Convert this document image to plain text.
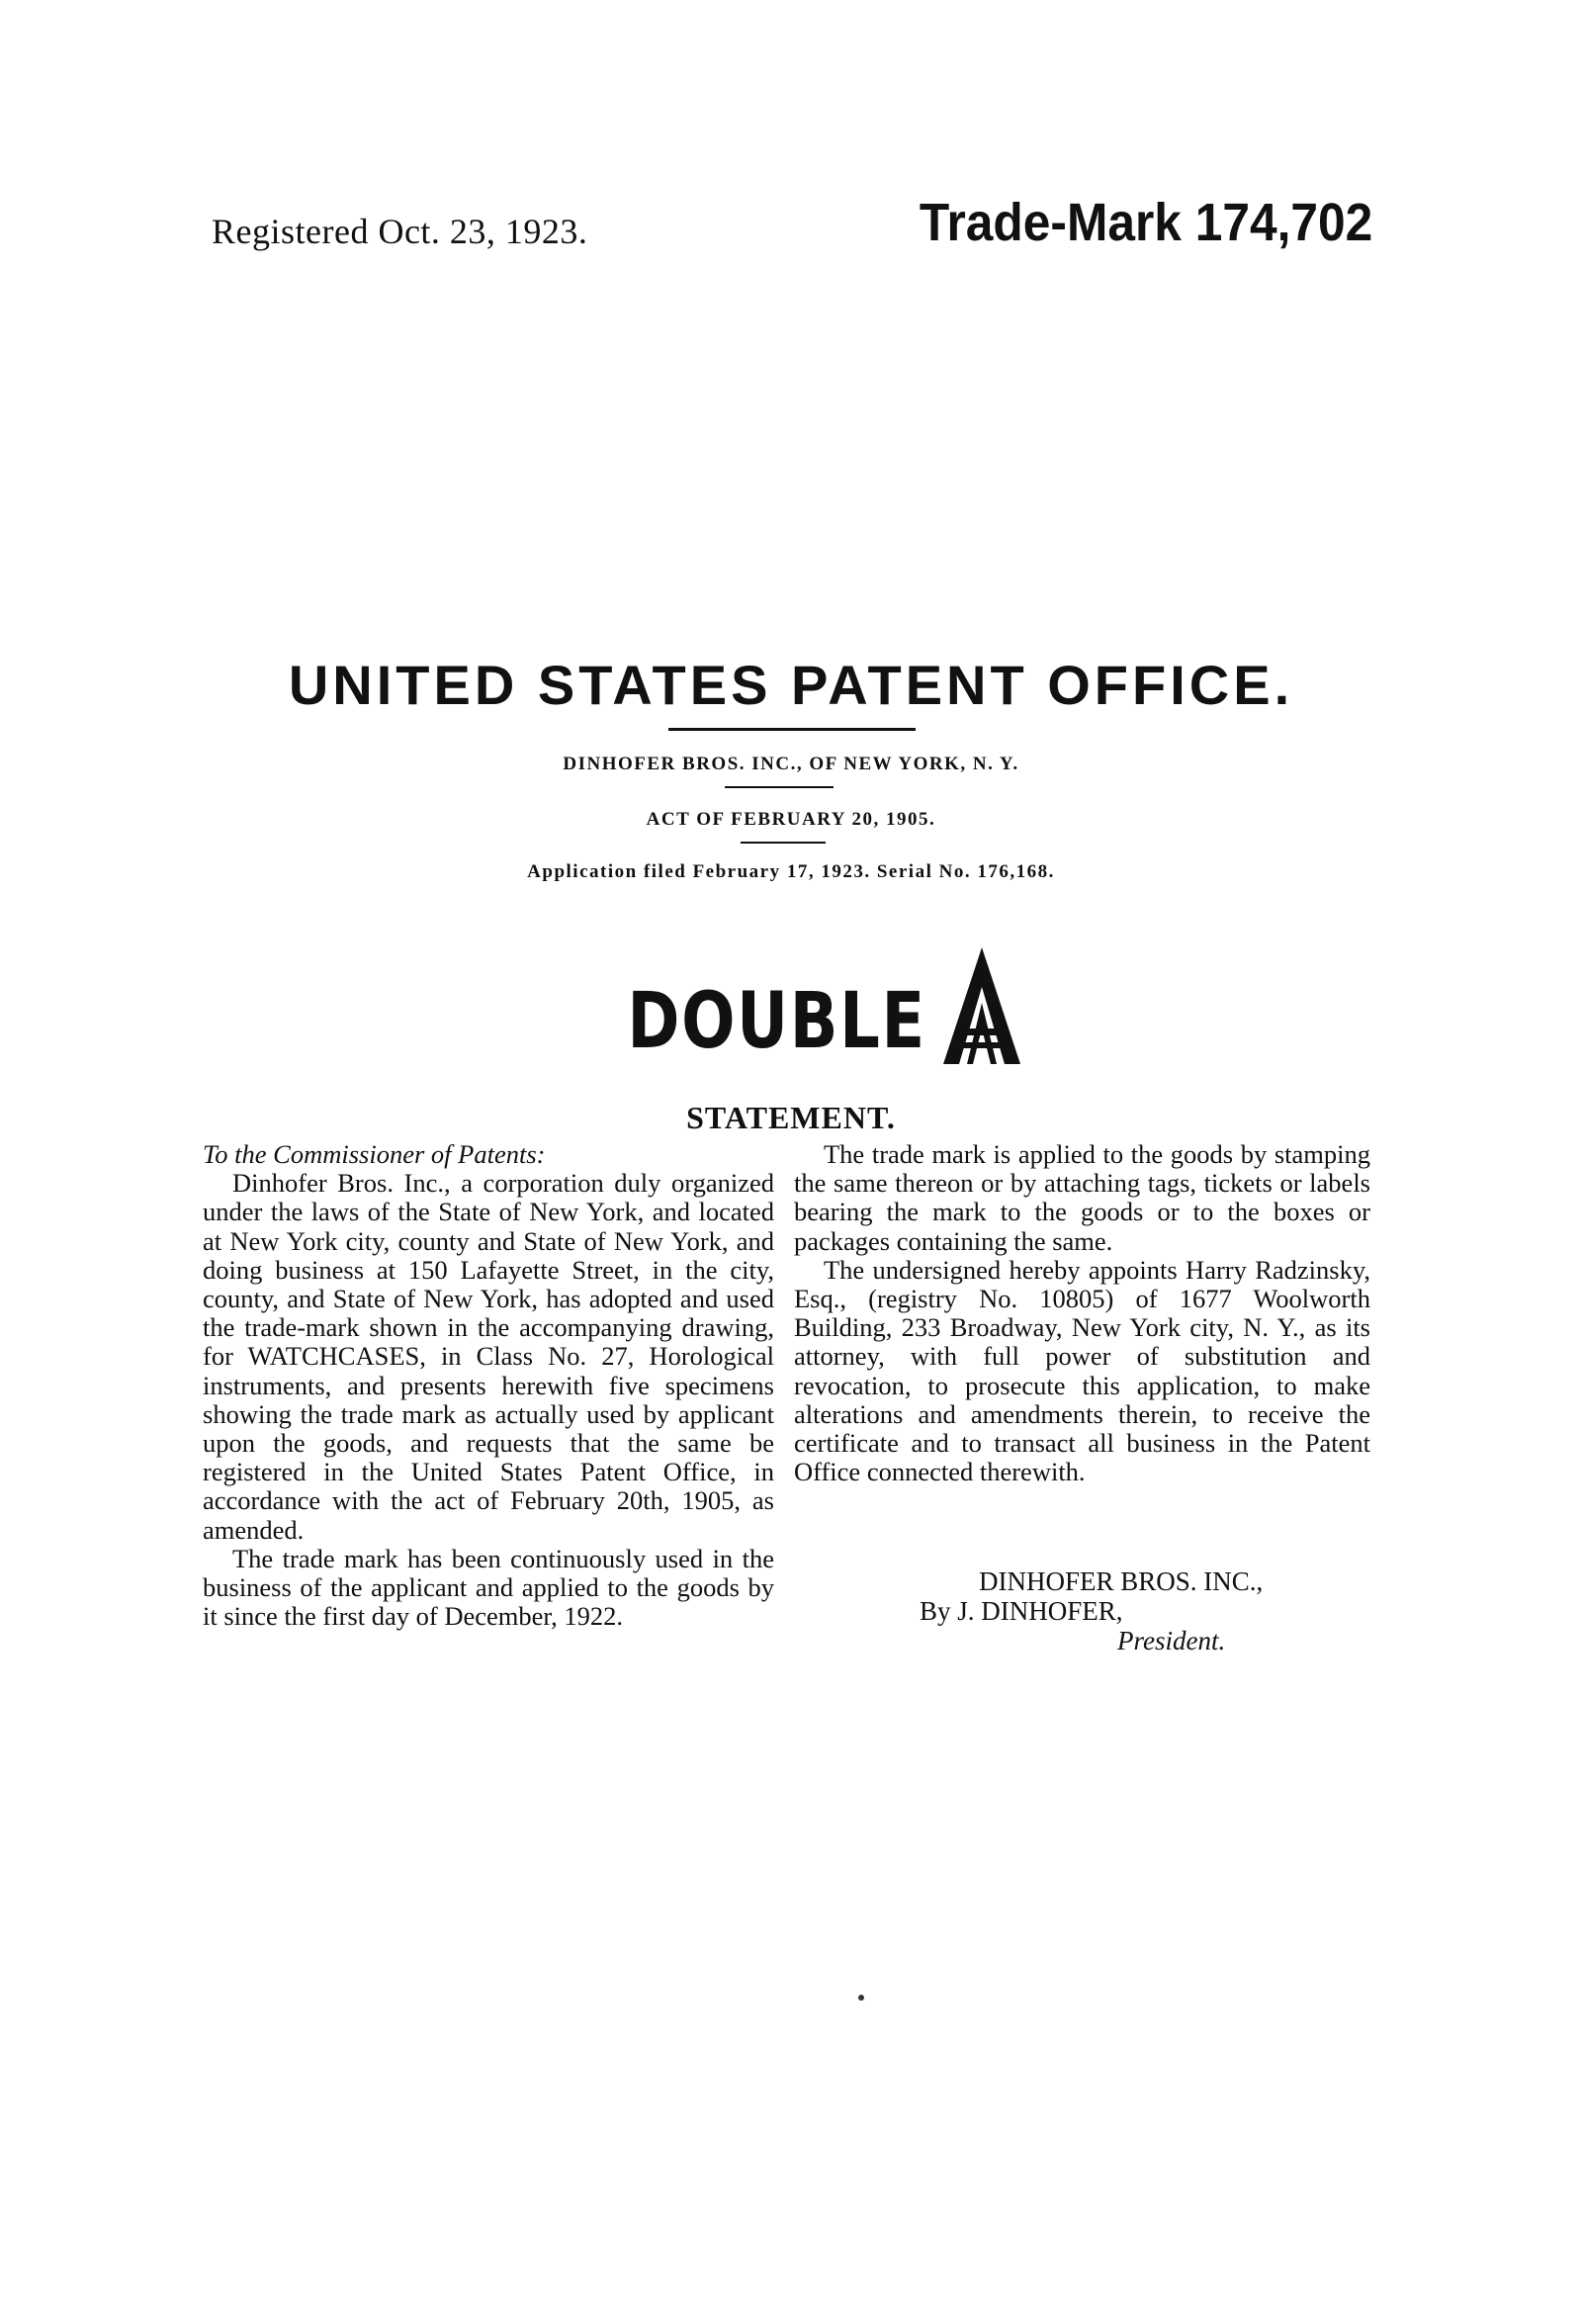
Registered Oct. 23, 1923.	Trade-Mark 174,702
UNITED STATES PATENT OFFICE.
DINHOFER BROS. INC., OF NEW YORK, N. Y.
ACT OF FEBRUARY 20, 1905.
Application filed February 17, 1923. Serial No. 176,168.
DOUBLE
STATEMENT.

To the Commissioner of Patents:

Dinhofer Bros. Inc., a corporation duly organized under the laws of the State of New York, and located at New York city, county and State of New York, and doing business at 150 Lafayette Street, in the city, county, and State of New York, has adopted and used the trade-mark shown in the accompanying drawing, for WATCHCASES, in Class No. 27, Horological instruments, and presents herewith five specimens showing the trade mark as actually used by applicant upon the goods, and requests that the same be registered in the United States Patent Office, in accordance with the act of February 20th, 1905, as amended.

The trade mark has been continuously used in the business of the applicant and applied to the goods by it since the first day of December, 1922.

The trade mark is applied to the goods by stamping the same thereon or by attaching tags, tickets or labels bearing the mark to the goods or to the boxes or packages containing the same.

The undersigned hereby appoints Harry Radzinsky, Esq., (registry No. 10805) of 1677 Woolworth Building, 233 Broadway, New York city, N. Y., as its attorney, with full power of substitution and revocation, to prosecute this application, to make alterations and amendments therein, to receive the certificate and to transact all business in the Patent Office connected therewith.

DINHOFER BROS. INC.,
By J. DINHOFER,
President.
